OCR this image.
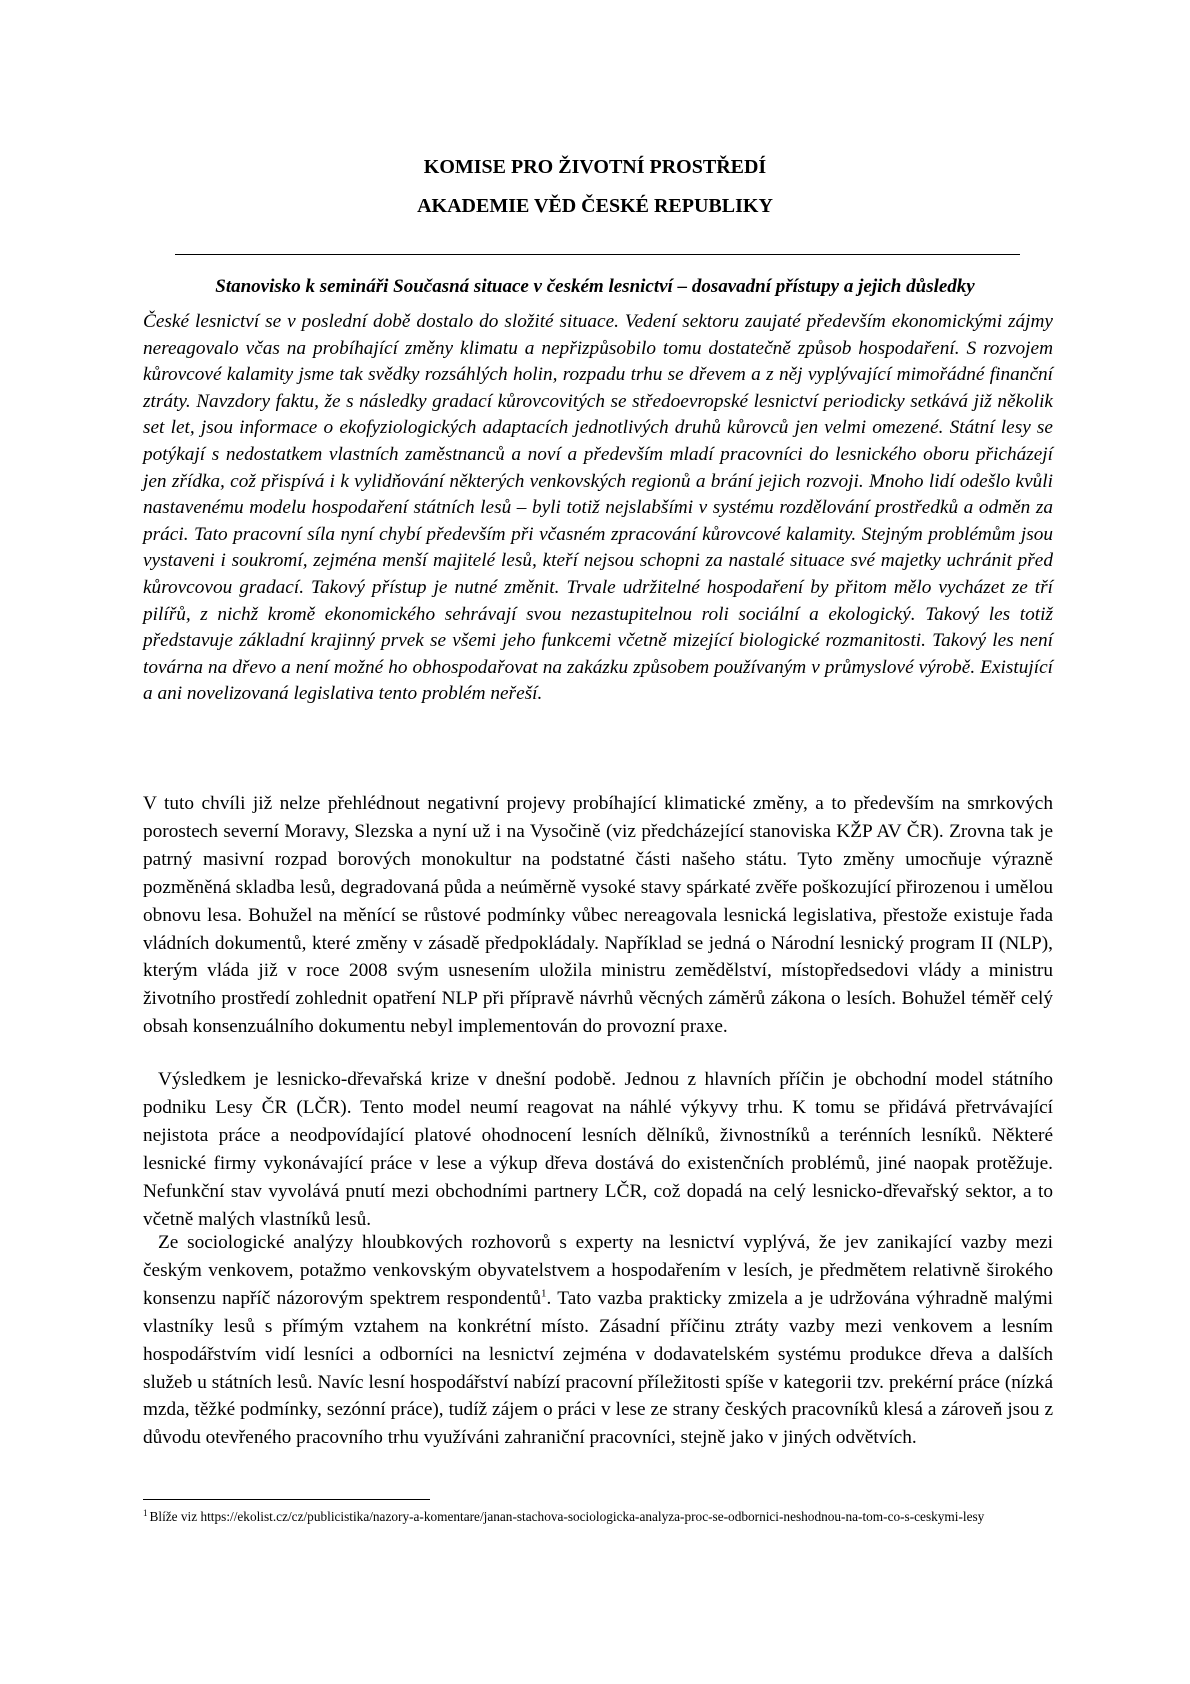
KOMISE PRO ŽIVOTNÍ PROSTŘEDÍ
AKADEMIE VĚD ČESKÉ REPUBLIKY
Stanovisko k semináři Současná situace v českém lesnictví – dosavadní přístupy a jejich důsledky
České lesnictví se v poslední době dostalo do složité situace. Vedení sektoru zaujaté především ekonomickými zájmy nereagovalo včas na probíhající změny klimatu a nepřizpůsobilo tomu dostatečně způsob hospodaření. S rozvojem kůrovcové kalamity jsme tak svědky rozsáhlých holin, rozpadu trhu se dřevem a z něj vyplývající mimořádné finanční ztráty. Navzdory faktu, že s následky gradací kůrovcovitých se středoevropské lesnictví periodicky setkává již několik set let, jsou informace o ekofyziologických adaptacích jednotlivých druhů kůrovců jen velmi omezené. Státní lesy se potýkají s nedostatkem vlastních zaměstnanců a noví a především mladí pracovníci do lesnického oboru přicházejí jen zřídka, což přispívá i k vylidňování některých venkovských regionů a brání jejich rozvoji. Mnoho lidí odešlo kvůli nastavenému modelu hospodaření státních lesů – byli totiž nejslabšími v systému rozdělování prostředků a odměn za práci. Tato pracovní síla nyní chybí především při včasném zpracování kůrovcové kalamity. Stejným problémům jsou vystaveni i soukromí, zejména menší majitelé lesů, kteří nejsou schopni za nastalé situace své majetky uchránit před kůrovcovou gradací. Takový přístup je nutné změnit. Trvale udržitelné hospodaření by přitom mělo vycházet ze tří pilířů, z nichž kromě ekonomického sehrávají svou nezastupitelnou roli sociální a ekologický. Takový les totiž představuje základní krajinný prvek se všemi jeho funkcemi včetně mizející biologické rozmanitosti. Takový les není továrna na dřevo a není možné ho obhospodařovat na zakázku způsobem používaným v průmyslové výrobě. Existující a ani novelizovaná legislativa tento problém neřeší.
V tuto chvíli již nelze přehlédnout negativní projevy probíhající klimatické změny, a to především na smrkových porostech severní Moravy, Slezska a nyní už i na Vysočině (viz předcházející stanoviska KŽP AV ČR). Zrovna tak je patrný masivní rozpad borových monokultur na podstatné části našeho státu. Tyto změny umocňuje výrazně pozměněná skladba lesů, degradovaná půda a neúměrně vysoké stavy spárkaté zvěře poškozující přirozenou i umělou obnovu lesa. Bohužel na měnící se růstové podmínky vůbec nereagovala lesnická legislativa, přestože existuje řada vládních dokumentů, které změny v zásadě předpokládaly. Například se jedná o Národní lesnický program II (NLP), kterým vláda již v roce 2008 svým usnesením uložila ministru zemědělství, místopředsedovi vlády a ministru životního prostředí zohlednit opatření NLP při přípravě návrhů věcných záměrů zákona o lesích. Bohužel téměř celý obsah konsenzuálního dokumentu nebyl implementován do provozní praxe.
Výsledkem je lesnicko-dřevařská krize v dnešní podobě. Jednou z hlavních příčin je obchodní model státního podniku Lesy ČR (LČR). Tento model neumí reagovat na náhlé výkyvy trhu. K tomu se přidává přetrvávající nejistota práce a neodpovídající platové ohodnocení lesních dělníků, živnostníků a terénních lesníků. Některé lesnické firmy vykonávající práce v lese a výkup dřeva dostává do existenčních problémů, jiné naopak protěžuje. Nefunkční stav vyvolává pnutí mezi obchodními partnery LČR, což dopadá na celý lesnicko-dřevařský sektor, a to včetně malých vlastníků lesů.
Ze sociologické analýzy hloubkových rozhovorů s experty na lesnictví vyplývá, že jev zanikající vazby mezi českým venkovem, potažmo venkovským obyvatelstvem a hospodařením v lesích, je předmětem relativně širokého konsenzu napříč názorovým spektrem respondentů$^1$. Tato vazba prakticky zmizela a je udržována výhradně malými vlastníky lesů s přímým vztahem na konkrétní místo. Zásadní příčinu ztráty vazby mezi venkovem a lesním hospodářstvím vidí lesníci a odborníci na lesnictví zejména v dodavatelském systému produkce dřeva a dalších služeb u státních lesů. Navíc lesní hospodářství nabízí pracovní příležitosti spíše v kategorii tzv. prekérní práce (nízká mzda, těžké podmínky, sezónní práce), tudíž zájem o práci v lese ze strany českých pracovníků klesá a zároveň jsou z důvodu otevřeného pracovního trhu využíváni zahraniční pracovníci, stejně jako v jiných odvětvích.
$^1$ Blíže viz https://ekolist.cz/cz/publicistika/nazory-a-komentare/janan-stachova-sociologicka-analyza-proc-se-odbornici-neshodnou-na-tom-co-s-ceskymi-lesy
